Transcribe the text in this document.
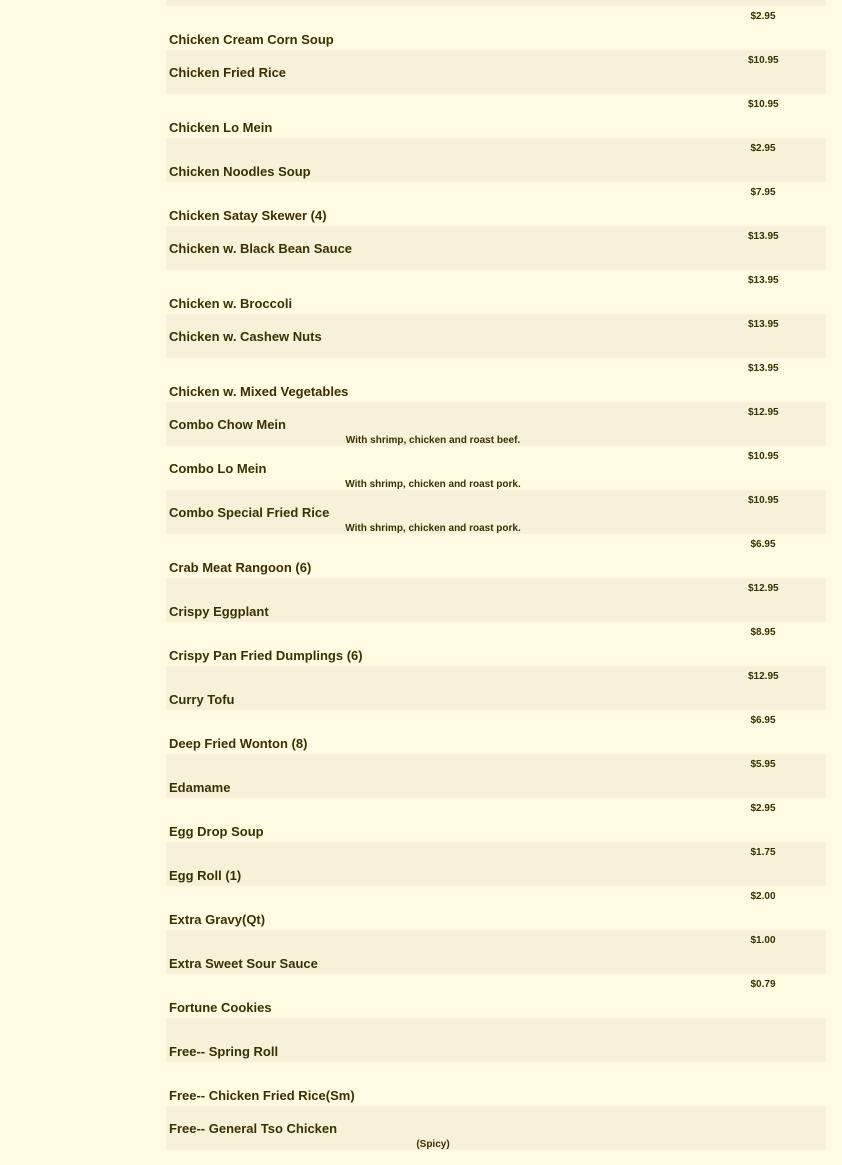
$2.95
Chicken Cream Corn Soup
$10.95
Chicken Fried Rice
$10.95
Chicken Lo Mein
$2.95
Chicken Noodles Soup
$7.95
Chicken Satay Skewer (4)
$13.95
Chicken w. Black Bean Sauce
$13.95
Chicken w. Broccoli
$13.95
Chicken w. Cashew Nuts
$13.95
Chicken w. Mixed Vegetables
$12.95
Combo Chow Mein
With shrimp, chicken and roast beef.
$10.95
Combo Lo Mein
With shrimp, chicken and roast pork.
$10.95
Combo Special Fried Rice
With shrimp, chicken and roast pork.
$6.95
Crab Meat Rangoon (6)
$12.95
Crispy Eggplant
$8.95
Crispy Pan Fried Dumplings (6)
$12.95
Curry Tofu
$6.95
Deep Fried Wonton (8)
$5.95
Edamame
$2.95
Egg Drop Soup
$1.75
Egg Roll (1)
$2.00
Extra Gravy(Qt)
$1.00
Extra Sweet Sour Sauce
$0.79
Fortune Cookies
Free-- Spring Roll
Free-- Chicken Fried Rice(Sm)
Free-- General Tso Chicken
(Spicy)
